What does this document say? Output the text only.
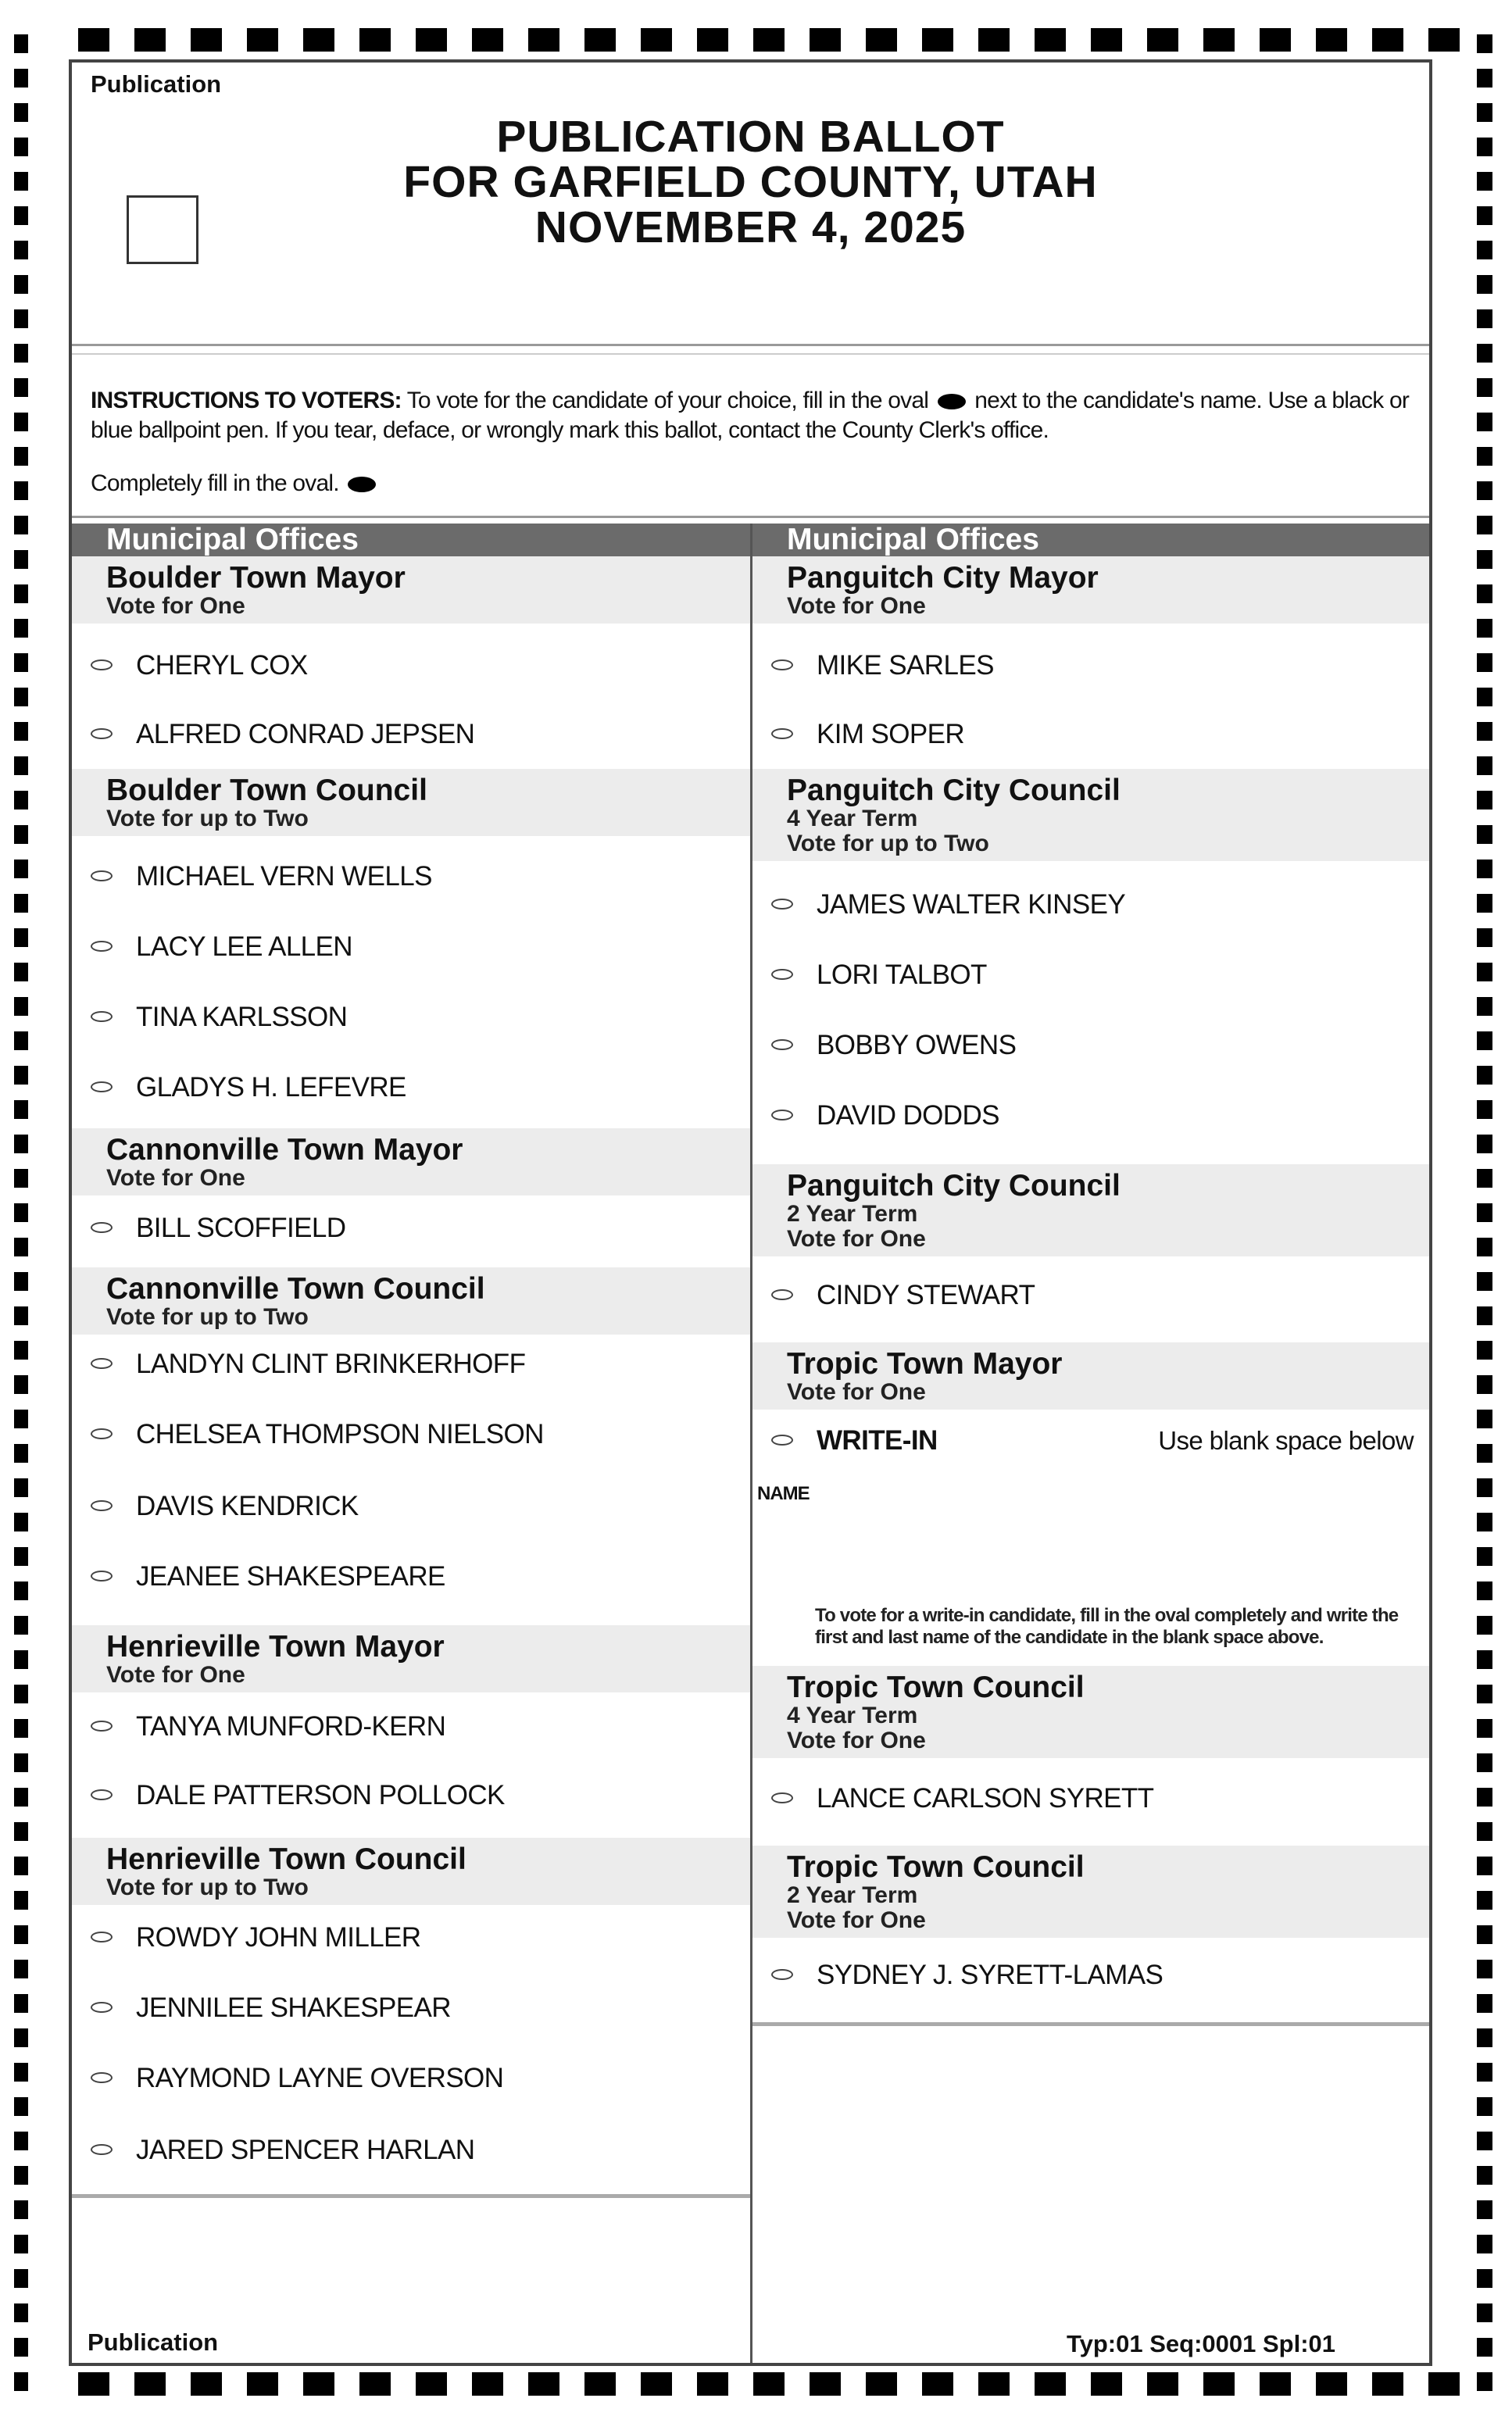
Publication
PUBLICATION BALLOT
FOR GARFIELD COUNTY, UTAH
NOVEMBER 4, 2025
INSTRUCTIONS TO VOTERS: To vote for the candidate of your choice, fill in the oval next to the candidate's name. Use a black or blue ballpoint pen. If you tear, deface, or wrongly mark this ballot, contact the County Clerk's office.
Completely fill in the oval.
Municipal Offices
Boulder Town Mayor
Vote for One
CHERYL COX
ALFRED CONRAD JEPSEN
Boulder Town Council
Vote for up to Two
MICHAEL VERN WELLS
LACY LEE ALLEN
TINA KARLSSON
GLADYS H. LEFEVRE
Cannonville Town Mayor
Vote for One
BILL SCOFFIELD
Cannonville Town Council
Vote for up to Two
LANDYN CLINT BRINKERHOFF
CHELSEA THOMPSON NIELSON
DAVIS KENDRICK
JEANEE SHAKESPEARE
Henrieville Town Mayor
Vote for One
TANYA MUNFORD-KERN
DALE PATTERSON POLLOCK
Henrieville Town Council
Vote for up to Two
ROWDY JOHN MILLER
JENNILEE SHAKESPEAR
RAYMOND LAYNE OVERSON
JARED SPENCER HARLAN
Municipal Offices
Panguitch City Mayor
Vote for One
MIKE SARLES
KIM SOPER
Panguitch City Council
4 Year Term
Vote for up to Two
JAMES WALTER KINSEY
LORI TALBOT
BOBBY OWENS
DAVID DODDS
Panguitch City Council
2 Year Term
Vote for One
CINDY STEWART
Tropic Town Mayor
Vote for One
WRITE-IN	Use blank space below
NAME
To vote for a write-in candidate, fill in the oval completely and write the first and last name of the candidate in the blank space above.
Tropic Town Council
4 Year Term
Vote for One
LANCE CARLSON SYRETT
Tropic Town Council
2 Year Term
Vote for One
SYDNEY J. SYRETT-LAMAS
Publication	Typ:01 Seq:0001 Spl:01
